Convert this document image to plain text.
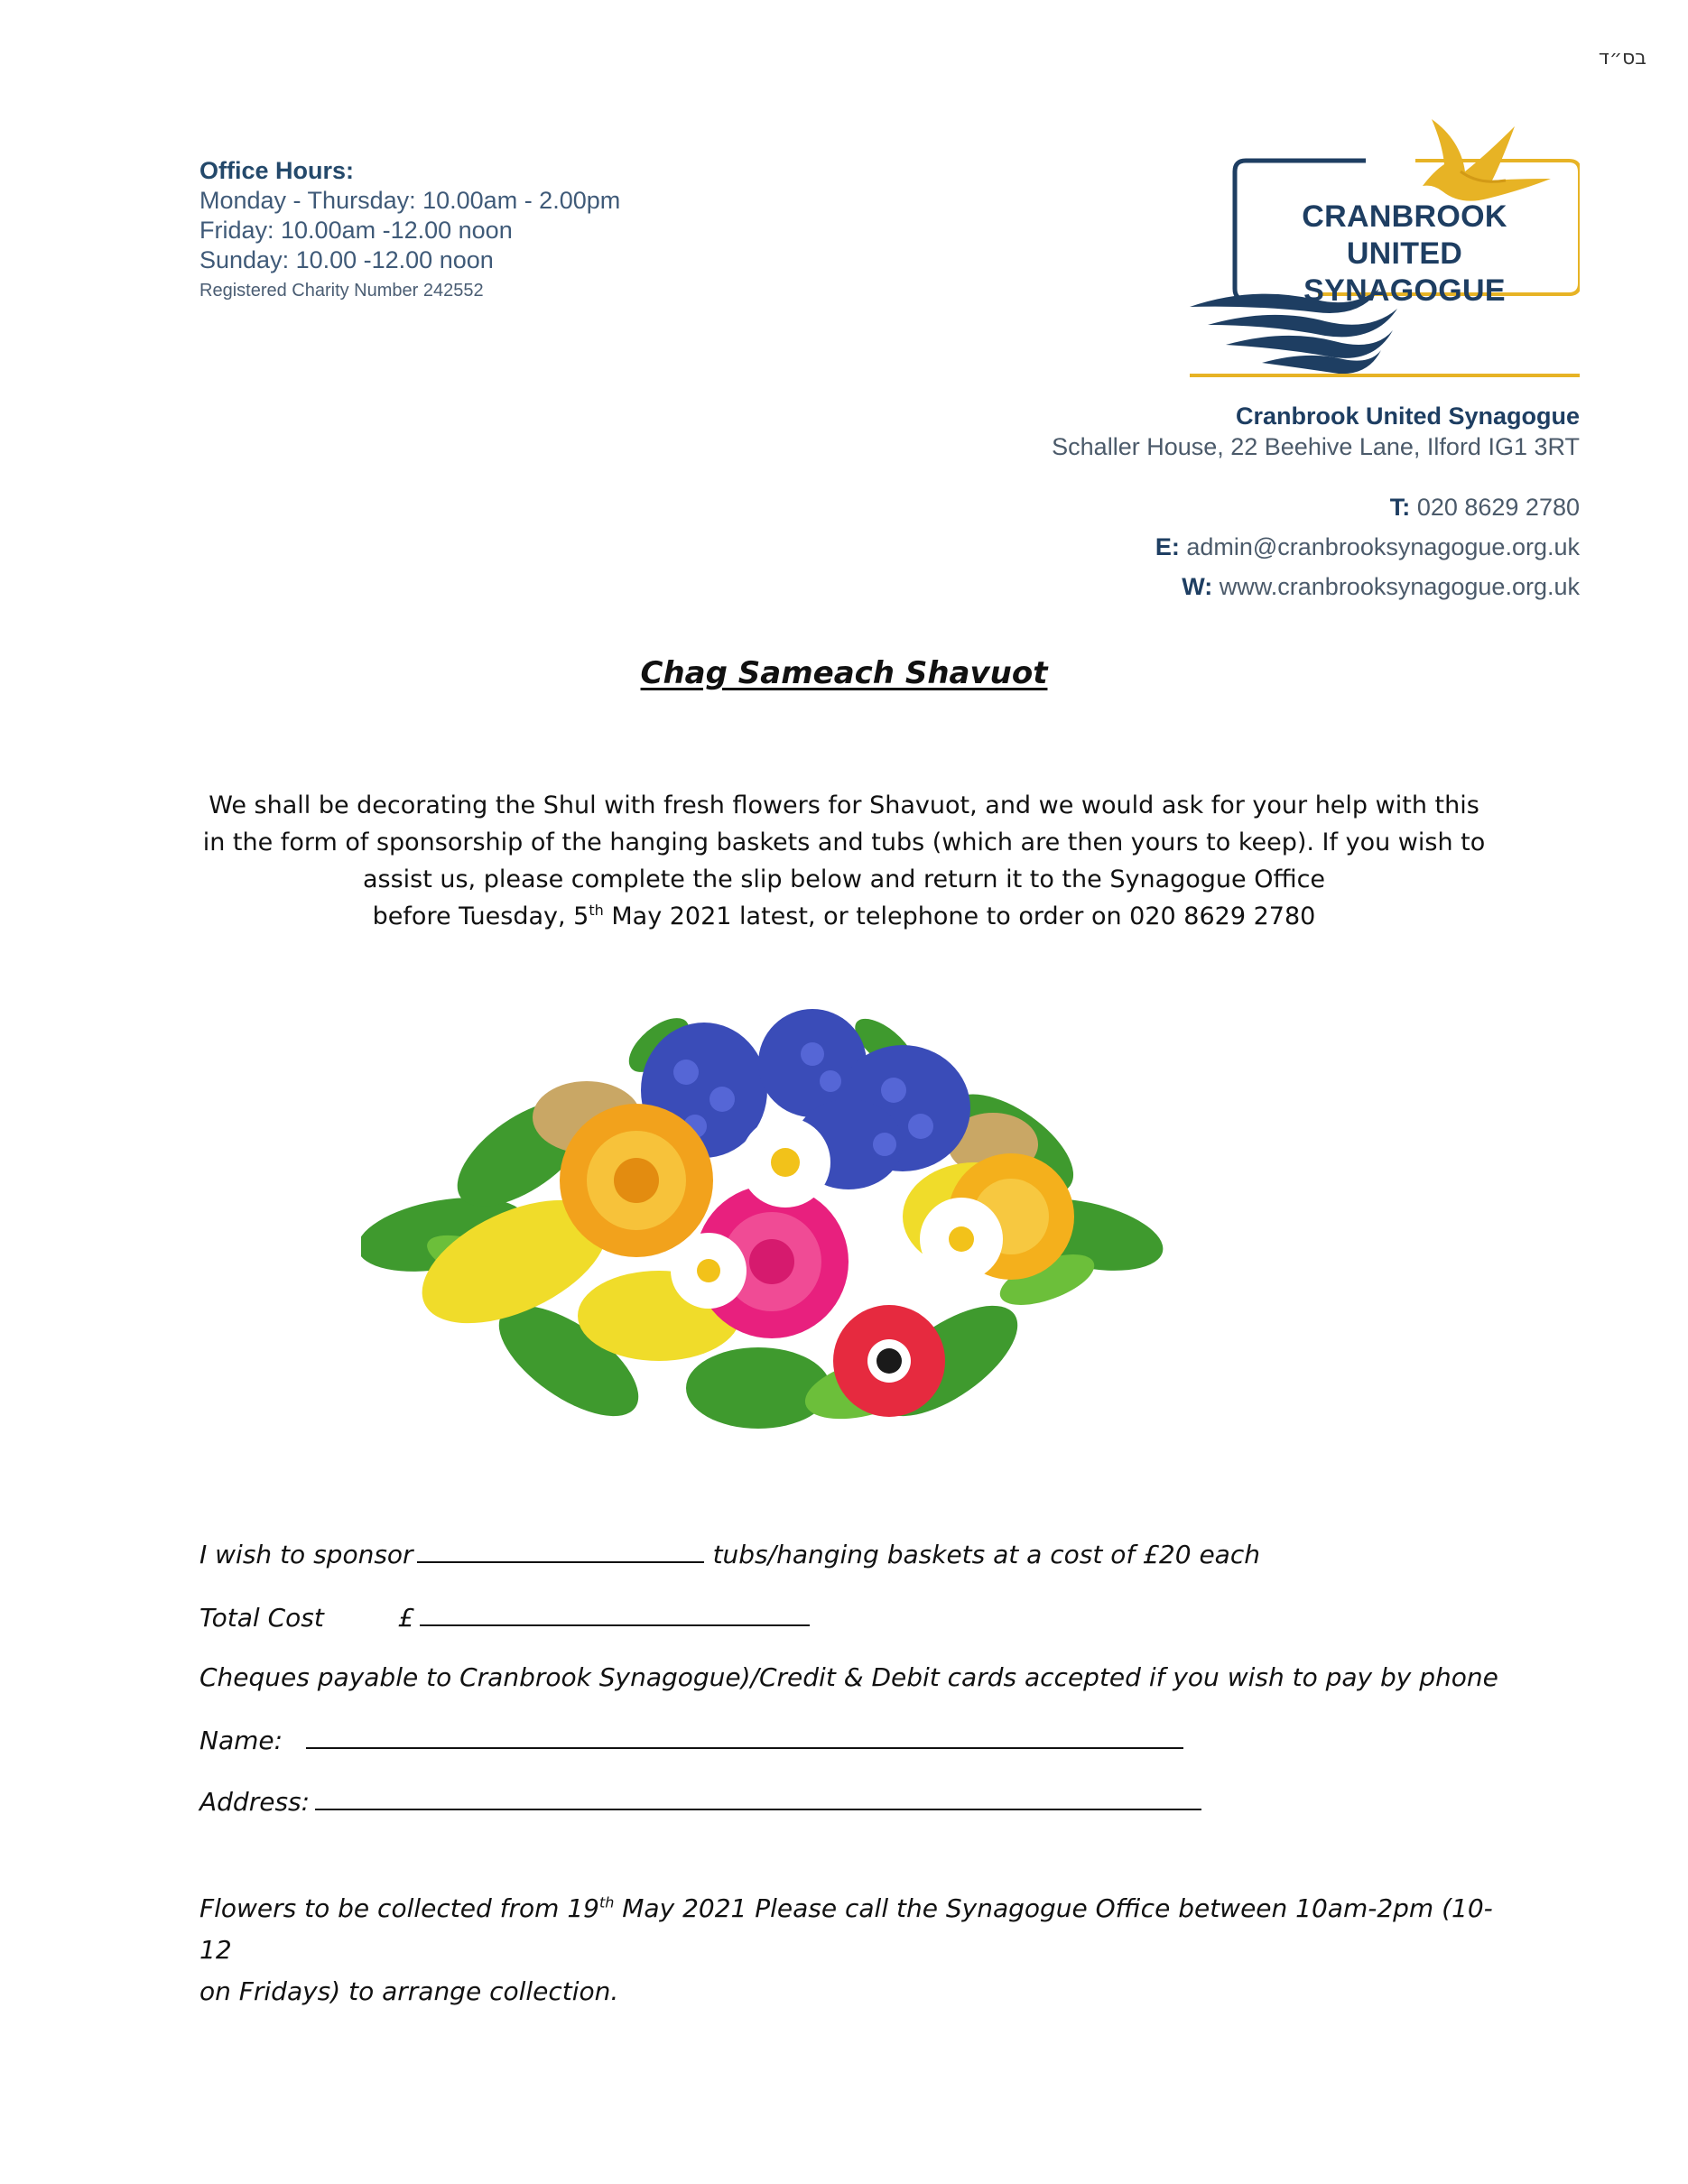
בס״ד
Office Hours:
Monday - Thursday: 10.00am - 2.00pm
Friday: 10.00am -12.00 noon
Sunday: 10.00 -12.00 noon
Registered Charity Number 242552
CRANBROOK
UNITED SYNAGOGUE
Cranbrook United Synagogue
Schaller House, 22 Beehive Lane, Ilford IG1 3RT
T: 020 8629 2780
E: admin@cranbrooksynagogue.org.uk
W: www.cranbrooksynagogue.org.uk
Chag Sameach Shavuot
We shall be decorating the Shul with fresh flowers for Shavuot, and we would ask for your help with this
in the form of sponsorship of the hanging baskets and tubs (which are then yours to keep). If you wish to
assist us, please complete the slip below and return it to the Synagogue Office
before Tuesday, 5th May 2021 latest, or telephone to order on 020 8629 2780
I wish to sponsor	tubs/hanging baskets at a cost of £20 each
Total Cost	£
Cheques payable to Cranbrook Synagogue)/Credit & Debit cards accepted if you wish to pay by phone
Name:
Address:
Flowers to be collected from 19th May 2021 Please call the Synagogue Office between 10am-2pm (10-12
on Fridays) to arrange collection.
